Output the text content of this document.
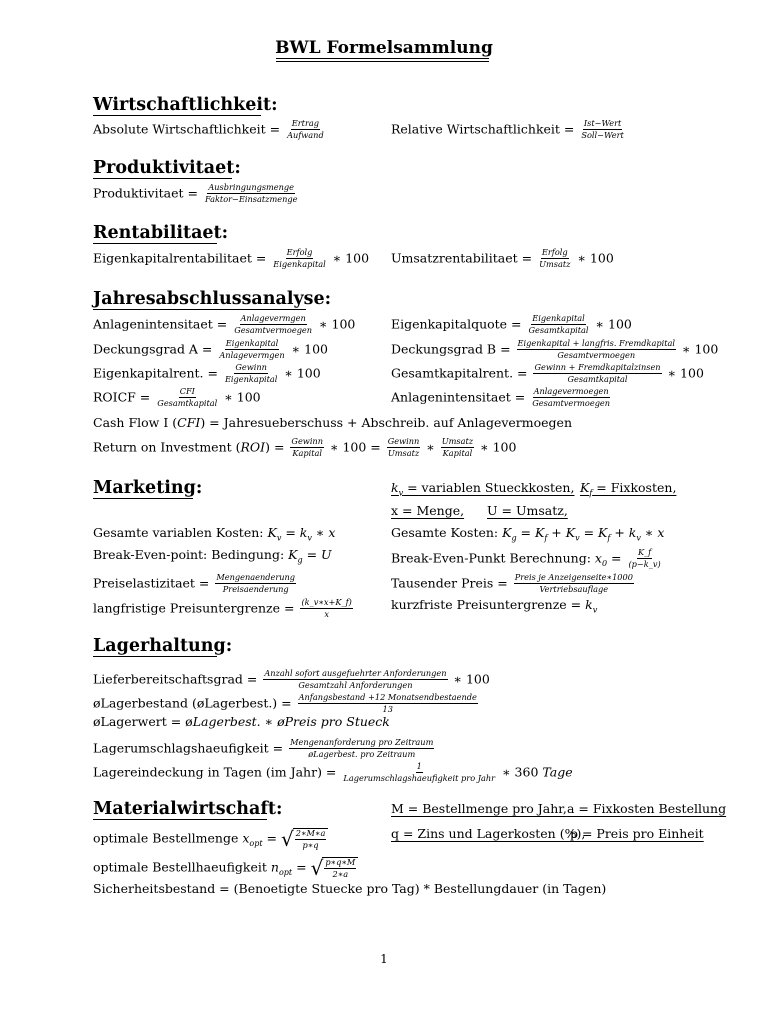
BWL Formelsammlung
Wirtschaftlichkeit:
Absolute Wirtschaftlichkeit = $\frac{\text{Ertrag}}{\text{Aufwand}}$	Relative Wirtschaftlichkeit = $\frac{\text{Ist−Wert}}{\text{Soll−Wert}}$
Produktivitaet:
Produktivitaet = $\frac{\text{Ausbringungsmenge}}{\text{Faktor−Einsatzmenge}}$
Rentabilitaet:
Eigenkapitalrentabilitaet = $\frac{\text{Erfolg}}{\text{Eigenkapital}}$ ∗ 100 Umsatzrentabilitaet = $\frac{\text{Erfolg}}{\text{Umsatz}}$ ∗ 100
Jahresabschlussanalyse:
Anlagenintensitaet = $\frac{\text{Anlagevermgen}}{\text{Gesamtvermoegen}}$ ∗ 100	Eigenkapitalquote = $\frac{\text{Eigenkapital}}{\text{Gesamtkapital}}$ ∗ 100
Deckungsgrad $A = \frac{\text{Eigenkapital}}{\text{Anlagevermgen}}$ ∗ 100	Deckungsgrad $B = \frac{\text{Eigenkapital + langfris. Fremdkapital}}{\text{Gesamtvermoegen}}$ ∗ 100
Eigenkapitalrent. = $\frac{\text{Gewinn}}{\text{Eigenkapital}}$ ∗ 100	Gesamtkapitalrent. = $\frac{\text{Gewinn + Fremdkapitalzinsen}}{\text{Gesamtkapital}}$ ∗ 100
ROICF = $\frac{\text{CFI}}{\text{Gesamtkapital}}$ ∗ 100	Anlagenintensitaet = $\frac{\text{Anlagevermoegen}}{\text{Gesamtvermoegen}}$
Cash Flow I (CFI) = Jahresueberschuss + Abschreib. auf Anlagevermoegen
Return on Investment $(ROI) = \frac{\text{Gewinn}}{\text{Kapital}}$ ∗ $100 = \frac{\text{Gewinn}}{\text{Umsatz}}$ ∗ $\frac{\text{Umsatz}}{\text{Kapital}}$ ∗ 100
Marketing:	$k_v$ = variablen Stueckkosten, $K_f$ = Fixkosten,
x = Menge, U = Umsatz,
Gesamte variablen Kosten: $K_v = k_v$ ∗ x	Gesamte Kosten: $K_g = K_f + K_v = K_f + k_v$ ∗ x
Break-Even-point: Bedingung: $K_g = U$	Break-Even-Punkt Berechnung: $x_0 = \frac{K\_f}{(p-k\_v)}$
Preiselastizitaet = $\frac{\text{Mengenaenderung}}{\text{Preisaenderung}}$	Tausender Preis = $\frac{\text{Preis je Anzeigenseite∗1000}}{\text{Vertriebsauflage}}$
langfristige Preisuntergrenze = $\frac{(k\_v∗x+K\_f)}{x}$	kurzfriste Preisuntergrenze = $k_v$
Lagerhaltung:
Lieferbereitschaftsgrad = $\frac{\text{Anzahl sofort ausgefuehrter Anforderungen}}{\text{Gesamtzahl Anforderungen}}$ ∗ 100
øLagerbestand (øLagerbest.) = $\frac{\text{Anfangsbestand +12 Monatsendbestaende}}{13}$
øLagerwert = øLagerbest. ∗ øPreis pro Stueck
Lagerumschlagshaeufigkeit = $\frac{\text{Mengenanforderung pro Zeitraum}}{\text{øLagerbest. pro Zeitraum}}$
Lagereindeckung in Tagen (im Jahr) = $\frac{1}{\text{Lagerumschlagshaeufigkeit pro Jahr}}$ ∗ 360 Tage
Materialwirtschaft:	M = Bestellmenge pro Jahr, a = Fixkosten Bestellung
optimale Bestellmenge $x_{opt}$ = √ $\frac{2∗M∗a}{p∗q}$	q = Zins und Lagerkosten (%),
p = Preis pro Einheit
optimale Bestellhaeufigkeit $n_{opt}$ = √ $\frac{p∗q∗M}{2∗a}$
Sicherheitsbestand = (Benoetigte Stuecke pro Tag) * Bestellungdauer (in Tagen)
1
